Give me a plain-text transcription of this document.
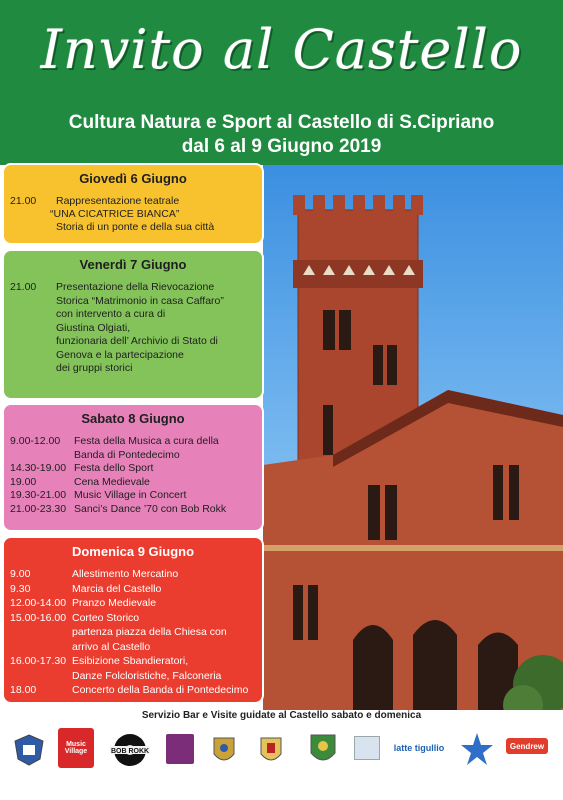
Invito al Castello
Cultura Natura e Sport al Castello di S.Cipriano
dal 6 al 9 Giugno 2019
Giovedì 6 Giugno
21.00 Rappresentazione teatrale
“UNA CICATRICE BIANCA”
Storia di un ponte e della sua città
Venerdì 7 Giugno
21.00 Presentazione della Rievocazione
Storica “Matrimonio in casa Caffaro”
con intervento a cura di
Giustina Olgiati,
funzionaria dell’ Archivio di Stato di
Genova e la partecipazione
dei gruppi storici
Sabato 8 Giugno
9.00-12.00 Festa della Musica a cura della
Banda di Pontedecimo
14.30-19.00 Festa dello Sport
19.00	Cena Medievale
19.30-21.00 Music Village in Concert
21.00-23.30 Sanci’s Dance ’70 con Bob Rokk
Domenica 9 Giugno
9.00	Allestimento Mercatino
9.30	Marcia del Castello
12.00-14.00 Pranzo Medievale
15.00-16.00 Corteo Storico
partenza piazza della Chiesa con
arrivo al Castello
16.00-17.30 Esibizione Sbandieratori,
Danze Folcloristiche, Falconeria
18.00	Concerto della Banda di Pontedecimo
Servizio Bar e Visite guidate al Castello sabato e domenica
Music Village	BOB ROKK	latte tigullio	Gendrew
